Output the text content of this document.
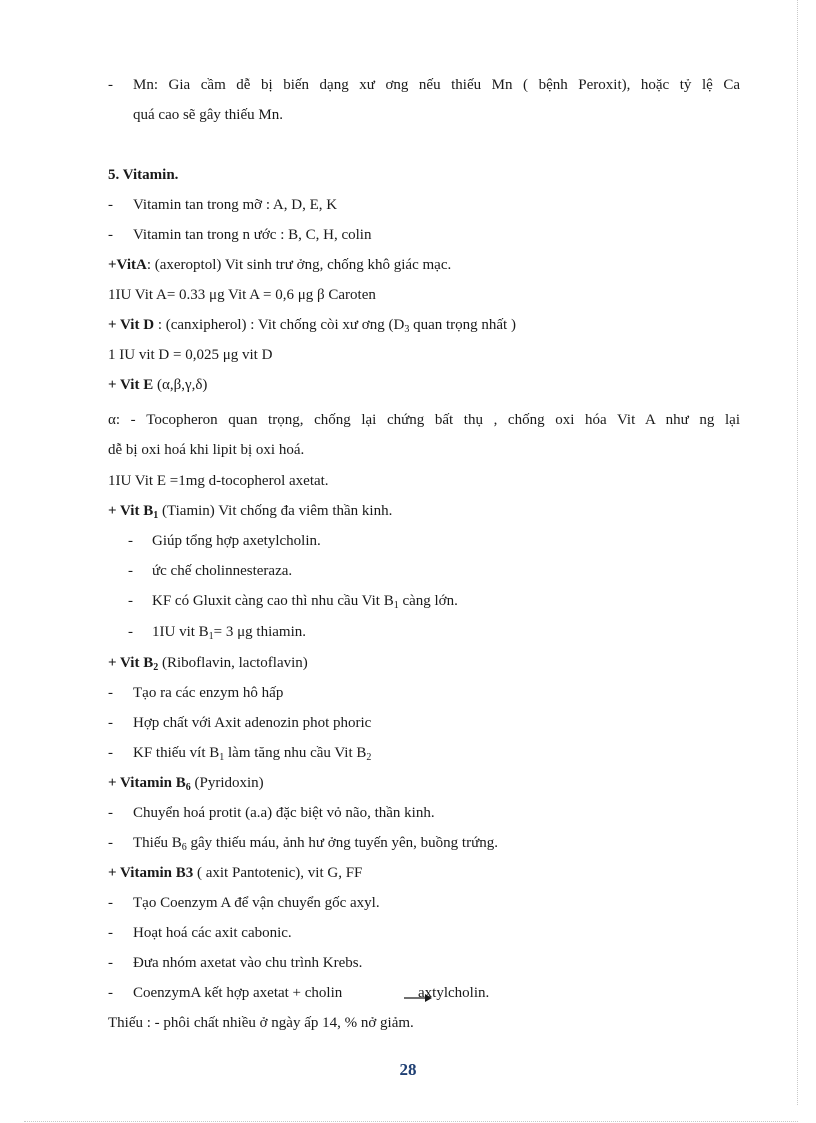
- Mn: Gia cầm dễ bị biến dạng xư ơng nếu thiếu Mn ( bệnh Peroxit), hoặc tỷ lệ Ca
quá cao sẽ gây thiếu Mn.
5. Vitamin.
- Vitamin tan trong mỡ : A, D, E, K
- Vitamin tan trong n ước : B, C, H, colin
+VitA: (axeroptol) Vit sinh trư ởng, chống khô giác mạc.
1IU Vit A= 0.33 μg Vit A = 0,6 μg β Caroten
+ Vit D : (canxipherol) : Vit chống còi xư ơng ($D_3$ quan trọng nhất )
1 IU vit D = 0,025 μg vit D
+ Vit E (α,β,γ,δ)
α: - Tocopheron quan trọng, chống lại chứng bất thụ , chống oxi hóa Vit A như ng lại
dễ bị oxi hoá khi lipit bị oxi hoá.
1IU Vit E =1mg d-tocopherol axetat.
+ Vit $B_1$ (Tiamin) Vit chống đa viêm thần kinh.
- Giúp tổng hợp axetylcholin.
- ức chế cholinnesteraza.
- KF có Gluxit càng cao thì nhu cầu Vit $B_1$ càng lớn.
- 1IU vit $B_1= 3$ μg thiamin.
+ Vit $B_2$ (Riboflavin, lactoflavin)
- Tạo ra các enzym hô hấp
- Hợp chất với Axit adenozin phot phoric
- KF thiếu vít $B_1$ làm tăng nhu cầu Vit $B_2$
+ Vitamin $B_6$ (Pyridoxin)
- Chuyển hoá protit (a.a) đặc biệt vỏ não, thần kinh.
- Thiếu $B_6$ gây thiếu máu, ảnh hư ởng tuyến yên, buồng trứng.
+ Vitamin B3 ( axit Pantotenic), vit G, FF
- Tạo Coenzym A để vận chuyển gốc axyl.
- Hoạt hoá các axit cabonic.
- Đưa nhóm axetat vào chu trình Krebs.
- CoenzymA kết hợp axetat + cholin	axtylcholin.
Thiếu : - phôi chất nhiều ở ngày ấp 14, % nở giảm.
28
